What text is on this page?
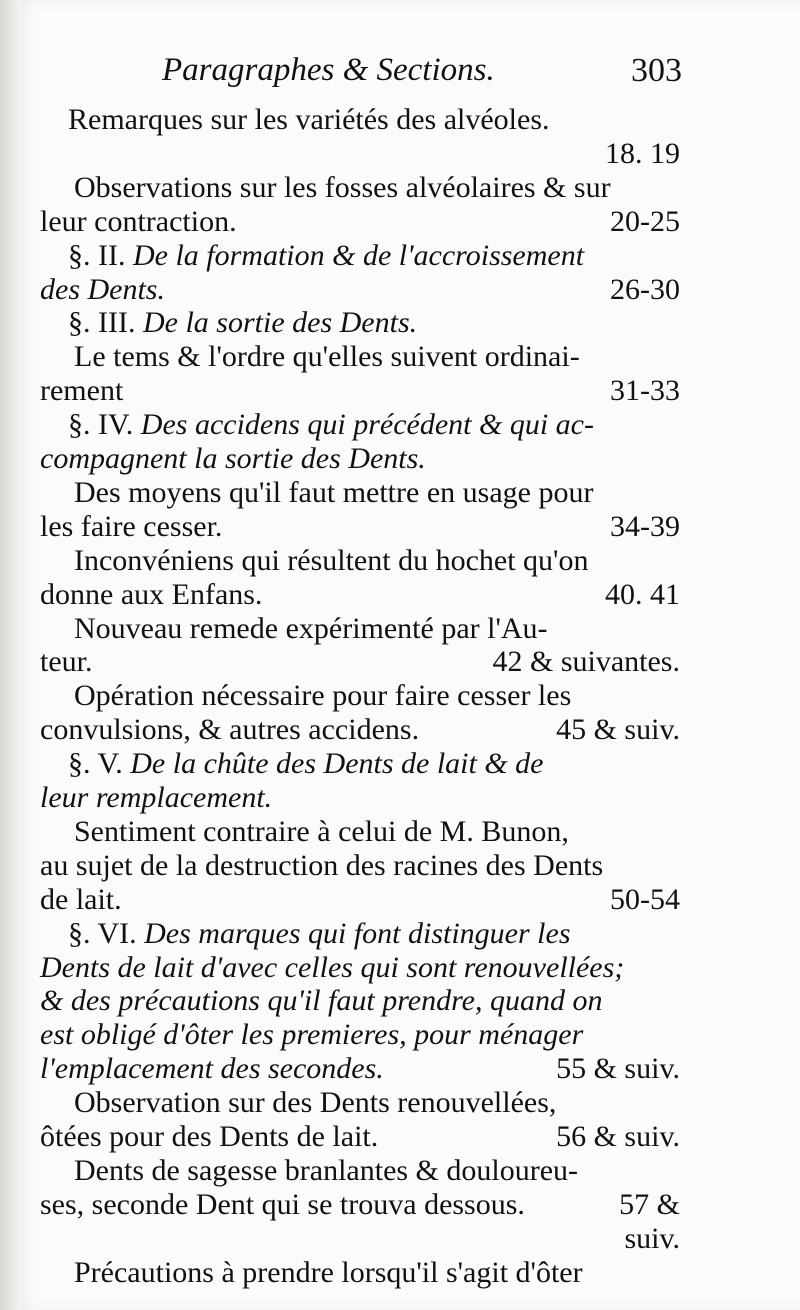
Paragraphes & Sections.	303
Remarques sur les variétés des alvéoles.
18. 19
Observations sur les fosses alvéolaires & sur
leur contraction.	20-25
§. II. De la formation & de l'accroissement
des Dents.	26-30
§. III. De la sortie des Dents.
Le tems & l'ordre qu'elles suivent ordinai-
rement	31-33
§. IV. Des accidens qui précédent & qui ac-
compagnent la sortie des Dents.
Des moyens qu'il faut mettre en usage pour
les faire cesser.	34-39
Inconvéniens qui résultent du hochet qu'on
donne aux Enfans.	40. 41
Nouveau remede expérimenté par l'Au-
teur.	42 & suivantes.
Opération nécessaire pour faire cesser les
convulsions, & autres accidens.	45 & suiv.
§. V. De la chûte des Dents de lait & de
leur remplacement.
Sentiment contraire à celui de M. Bunon,
au sujet de la destruction des racines des Dents
de lait.	50-54
§. VI. Des marques qui font distinguer les
Dents de lait d'avec celles qui sont renouvellées;
& des précautions qu'il faut prendre, quand on
est obligé d'ôter les premieres, pour ménager
l'emplacement des secondes.	55 & suiv.
Observation sur des Dents renouvellées,
ôtées pour des Dents de lait.	56 & suiv.
Dents de sagesse branlantes & douloureu-
ses, seconde Dent qui se trouva dessous.	57 &
suiv.
Précautions à prendre lorsqu'il s'agit d'ôter
